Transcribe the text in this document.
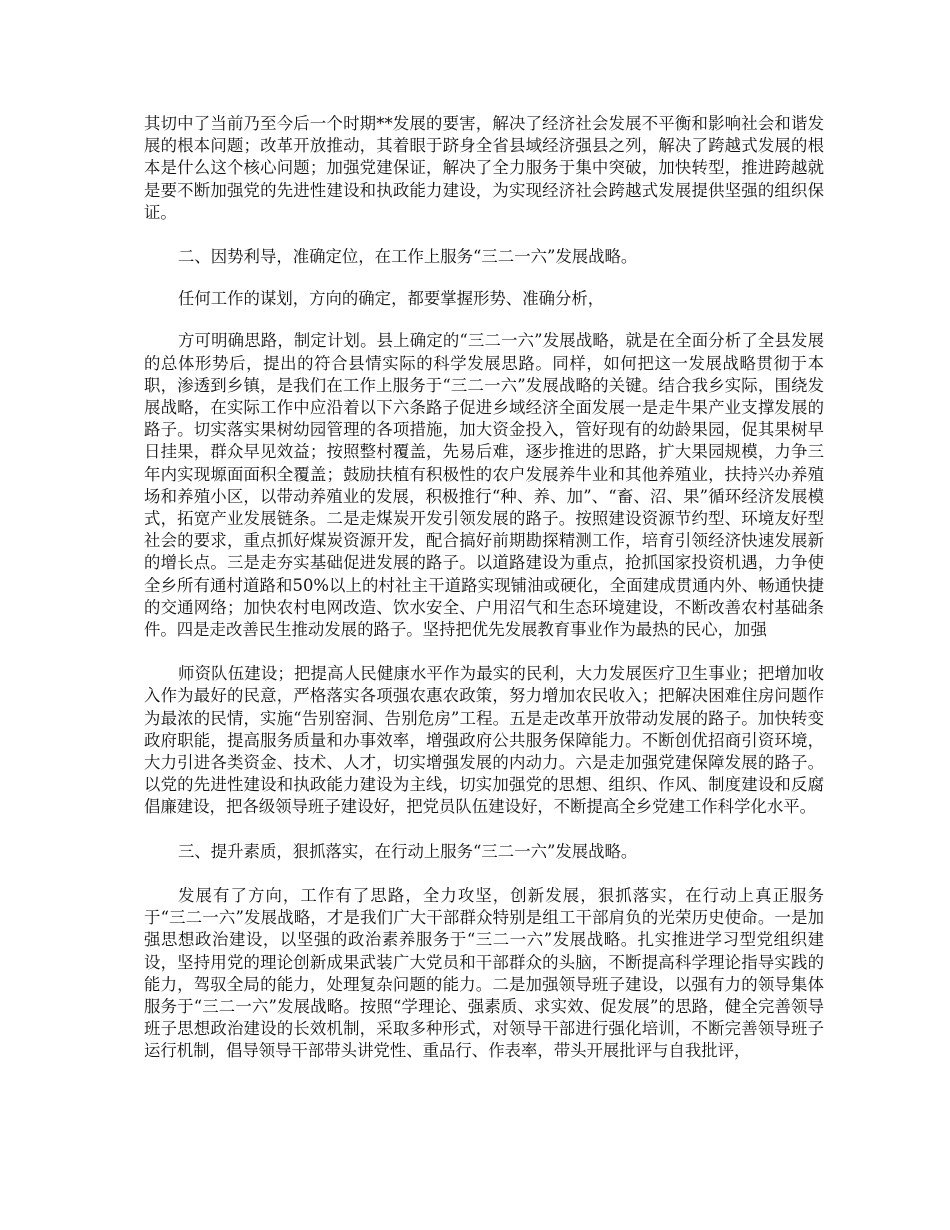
其切中了当前乃至今后一个时期**发展的要害，解决了经济社会发展不平衡和影响社会和谐发展的根本问题；改革开放推动，其着眼于跻身全省县域经济强县之列，解决了跨越式发展的根本是什么这个核心问题；加强党建保证，解决了全力服务于集中突破，加快转型，推进跨越就是要不断加强党的先进性建设和执政能力建设，为实现经济社会跨越式发展提供坚强的组织保证。

二、因势利导，准确定位，在工作上服务“三二一六”发展战略。

任何工作的谋划，方向的确定，都要掌握形势、准确分析，

方可明确思路，制定计划。县上确定的“三二一六”发展战略，就是在全面分析了全县发展的总体形势后，提出的符合县情实际的科学发展思路。同样，如何把这一发展战略贯彻于本职，渗透到乡镇，是我们在工作上服务于“三二一六”发展战略的关键。结合我乡实际，围绕发展战略，在实际工作中应沿着以下六条路子促进乡域经济全面发展一是走牛果产业支撑发展的路子。切实落实果树幼园管理的各项措施，加大资金投入，管好现有的幼龄果园，促其果树早日挂果，群众早见效益；按照整村覆盖，先易后难，逐步推进的思路，扩大果园规模，力争三年内实现塬面面积全覆盖；鼓励扶植有积极性的农户发展养牛业和其他养殖业，扶持兴办养殖场和养殖小区，以带动养殖业的发展，积极推行“种、养、加”、“畜、沼、果”循环经济发展模式，拓宽产业发展链条。二是走煤炭开发引领发展的路子。按照建设资源节约型、环境友好型社会的要求，重点抓好煤炭资源开发，配合搞好前期勘探精测工作，培育引领经济快速发展新的增长点。三是走夯实基础促进发展的路子。以道路建设为重点，抢抓国家投资机遇，力争使全乡所有通村道路和50%以上的村社主干道路实现铺油或硬化，全面建成贯通内外、畅通快捷的交通网络；加快农村电网改造、饮水安全、户用沼气和生态环境建设，不断改善农村基础条件。四是走改善民生推动发展的路子。坚持把优先发展教育事业作为最热的民心，加强

师资队伍建设；把提高人民健康水平作为最实的民利，大力发展医疗卫生事业；把增加收入作为最好的民意，严格落实各项强农惠农政策，努力增加农民收入；把解决困难住房问题作为最浓的民情，实施“告别窑洞、告别危房”工程。五是走改革开放带动发展的路子。加快转变政府职能，提高服务质量和办事效率，增强政府公共服务保障能力。不断创优招商引资环境，大力引进各类资金、技术、人才，切实增强发展的内动力。六是走加强党建保障发展的路子。以党的先进性建设和执政能力建设为主线，切实加强党的思想、组织、作风、制度建设和反腐倡廉建设，把各级领导班子建设好，把党员队伍建设好，不断提高全乡党建工作科学化水平。

三、提升素质，狠抓落实，在行动上服务“三二一六”发展战略。

发展有了方向，工作有了思路，全力攻坚，创新发展，狠抓落实，在行动上真正服务于“三二一六”发展战略，才是我们广大干部群众特别是组工干部肩负的光荣历史使命。一是加强思想政治建设，以坚强的政治素养服务于“三二一六”发展战略。扎实推进学习型党组织建设，坚持用党的理论创新成果武装广大党员和干部群众的头脑，不断提高科学理论指导实践的能力，驾驭全局的能力，处理复杂问题的能力。二是加强领导班子建设，以强有力的领导集体服务于“三二一六”发展战略。按照“学理论、强素质、求实效、促发展”的思路，健全完善领导班子思想政治建设的长效机制，采取多种形式，对领导干部进行强化培训，不断完善领导班子运行机制，倡导领导干部带头讲党性、重品行、作表率，带头开展批评与自我批评，
